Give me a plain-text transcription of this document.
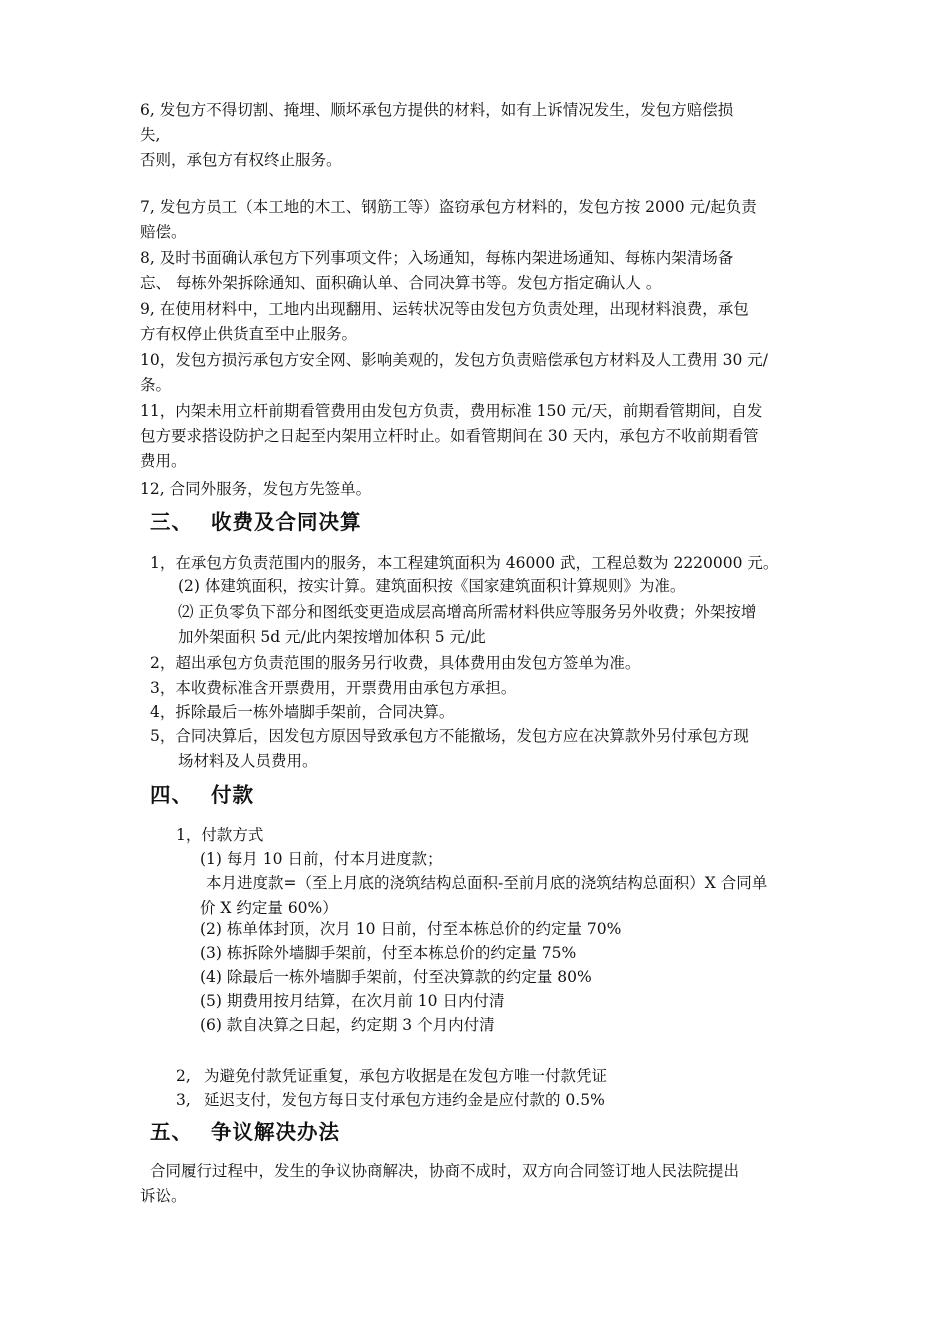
6, 发包方不得切割、掩埋、顺坏承包方提供的材料，如有上诉情况发生，发包方赔偿损
失,
否则，承包方有权终止服务。

7, 发包方员工（本工地的木工、钢筋工等）盗窃承包方材料的，发包方按 2000 元/起负责
赔偿。

8, 及时书面确认承包方下列事项文件；入场通知，每栋内架进场通知、每栋内架清场备
忘、 每栋外架拆除通知、面积确认单、合同决算书等。发包方指定确认人 。

9, 在使用材料中，工地内出现翻用、运转状况等由发包方负责处理，出现材料浪费，承包
方有权停止供货直至中止服务。

10，发包方损污承包方安全网、影响美观的，发包方负责赔偿承包方材料及人工费用 30 元/
条。

11，内架未用立杆前期看管费用由发包方负责，费用标准 150 元/天，前期看管期间，自发
包方要求搭设防护之日起至内架用立杆时止。如看管期间在 30 天内，承包方不收前期看管
费用。

12, 合同外服务，发包方先签单。

三、 收费及合同决算

1，在承包方负责范围内的服务，本工程建筑面积为 46000 武，工程总数为 2220000 元。

(2) 体建筑面积，按实计算。建筑面积按《国家建筑面积计算规则》为准。

⑵ 正负零负下部分和图纸变更造成层高增高所需材料供应等服务另外收费；外架按增
加外架面积 5d 元/此内架按增加体积 5 元/此

2，超出承包方负责范围的服务另行收费，具体费用由发包方签单为准。

3，本收费标准含开票费用，开票费用由承包方承担。

4，拆除最后一栋外墙脚手架前，合同决算。

5，合同决算后，因发包方原因导致承包方不能撤场，发包方应在决算款外另付承包方现
场材料及人员费用。

四、 付款

1，付款方式

(1) 每月 10 日前，付本月进度款；

本月进度款=（至上月底的浇筑结构总面积-至前月底的浇筑结构总面积）X 合同单
价 X 约定量 60%）

(2) 栋单体封顶，次月 10 日前，付至本栋总价的约定量 70%

(3) 栋拆除外墙脚手架前，付至本栋总价的约定量 75%

(4) 除最后一栋外墙脚手架前，付至决算款的约定量 80%

(5) 期费用按月结算，在次月前 10 日内付清

(6) 款自决算之日起，约定期 3 个月内付清

2, 为避免付款凭证重复，承包方收据是在发包方唯一付款凭证

3, 延迟支付，发包方每日支付承包方违约金是应付款的 0.5%

五、 争议解决办法

合同履行过程中，发生的争议协商解决，协商不成时，双方向合同签订地人民法院提出
诉讼。
